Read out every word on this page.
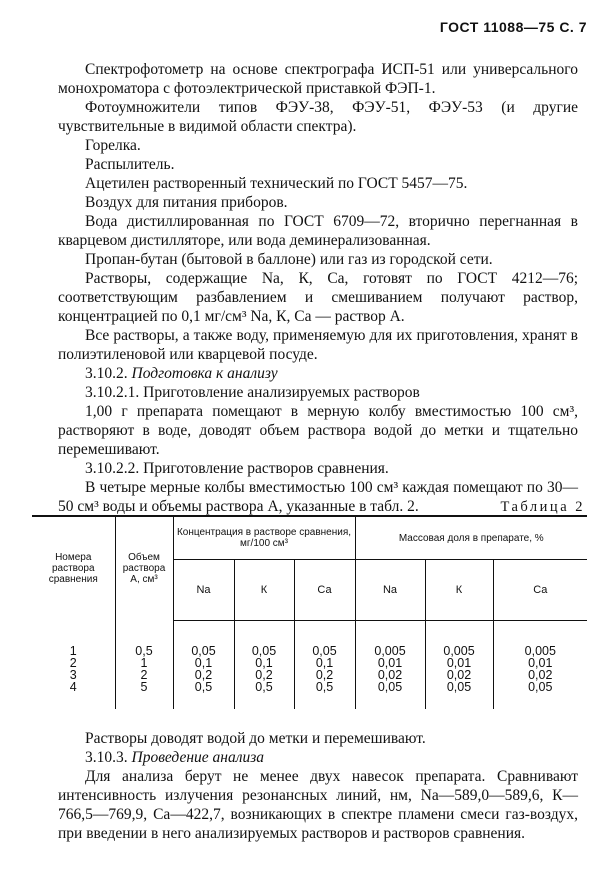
ГОСТ 11088—75 С. 7

Спектрофотометр на основе спектрографа ИСП-51 или универсального монохроматора с фотоэлектрической приставкой ФЭП-1.

Фотоумножители типов ФЭУ-38, ФЭУ-51, ФЭУ-53 (и другие чувствительные в видимой области спектра).

Горелка.

Распылитель.

Ацетилен растворенный технический по ГОСТ 5457—75.

Воздух для питания приборов.

Вода дистиллированная по ГОСТ 6709—72, вторично перегнанная в кварцевом дистилляторе, или вода деминерализованная.

Пропан-бутан (бытовой в баллоне) или газ из городской сети.

Растворы, содержащие Na, К, Са, готовят по ГОСТ 4212—76; соответствующим разбавлением и смешиванием получают раствор, концентрацией по 0,1 мг/см³ Na, К, Са — раствор А.

Все растворы, а также воду, применяемую для их приготовления, хранят в полиэтиленовой или кварцевой посуде.

3.10.2. Подготовка к анализу

3.10.2.1. Приготовление анализируемых растворов

1,00 г препарата помещают в мерную колбу вместимостью 100 см³, растворяют в воде, доводят объем раствора водой до метки и тщательно перемешивают.

3.10.2.2. Приготовление растворов сравнения.

В четыре мерные колбы вместимостью 100 см³ каждая помещают по 30—50 см³ воды и объемы раствора А, указанные в табл. 2.	Таблица 2
Номера раствора сравнения	Объем раствора А, см³	Концентрация в растворе сравнения, мг/100 см³			Массовая доля в препарате, %		
		Na	К	Са	Na	К	Са
1	0,5	0,05	0,05	0,05	0,005	0,005	0,005
2	1	0,1	0,1	0,1	0,01	0,01	0,01
3	2	0,2	0,2	0,2	0,02	0,02	0,02
4	5	0,5	0,5	0,5	0,05	0,05	0,05

Растворы доводят водой до метки и перемешивают.

3.10.3. Проведение анализа

Для анализа берут не менее двух навесок препарата. Сравнивают интенсивность излучения резонансных линий, нм, Na—589,0—589,6, К—766,5—769,9, Са—422,7, возникающих в спектре пламени смеси газ-воздух, при введении в него анализируемых растворов и растворов сравнения.
